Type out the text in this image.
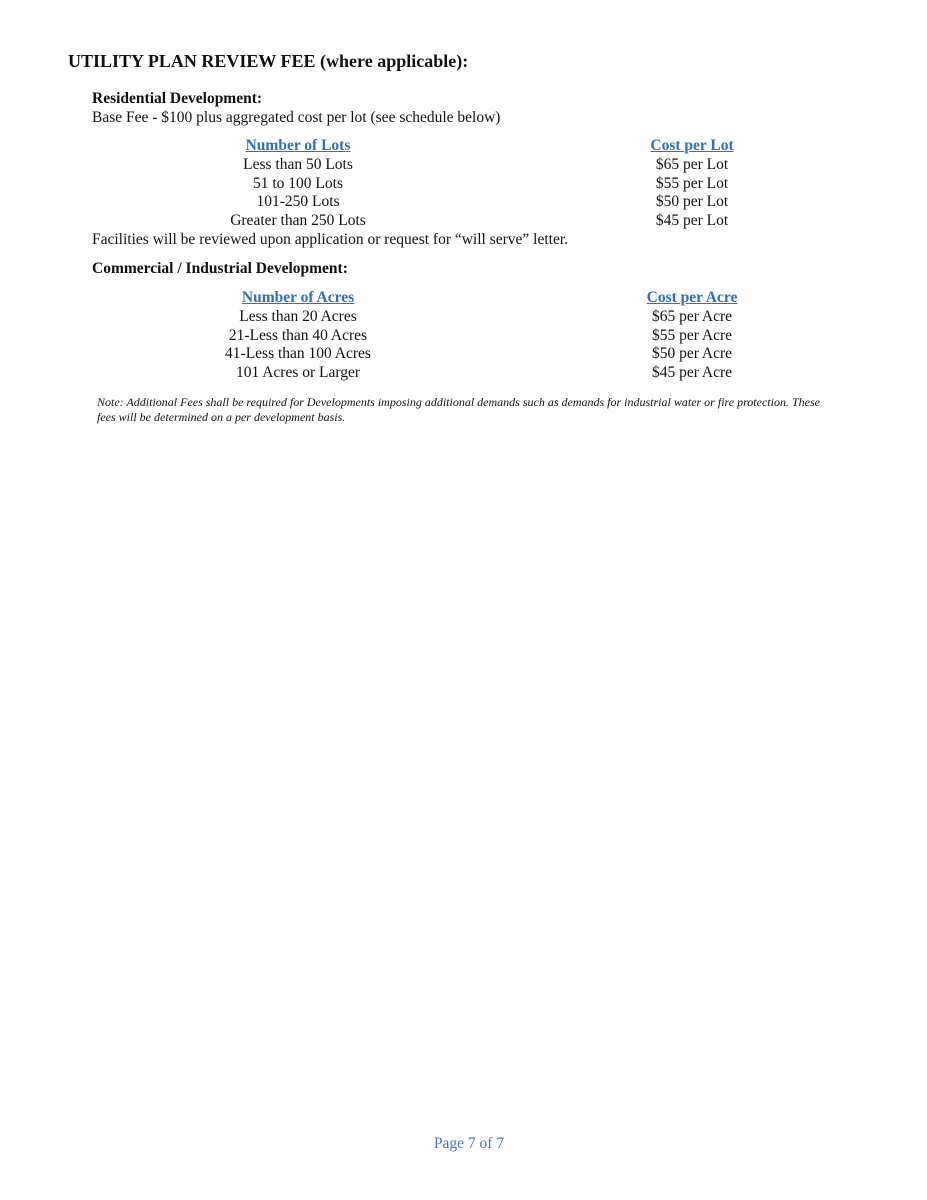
UTILITY PLAN REVIEW FEE (where applicable):
Residential Development:
Base Fee - $100 plus aggregated cost per lot (see schedule below)
Number of Lots	Cost per Lot
Less than 50 Lots	$65 per Lot
51 to 100 Lots	$55 per Lot
101-250 Lots	$50 per Lot
Greater than 250 Lots	$45 per Lot
Facilities will be reviewed upon application or request for “will serve” letter.
Commercial / Industrial Development:
Number of Acres	Cost per Acre
Less than 20 Acres	$65 per Acre
21-Less than 40 Acres	$55 per Acre
41-Less than 100 Acres	$50 per Acre
101 Acres or Larger	$45 per Acre
Note: Additional Fees shall be required for Developments imposing additional demands such as demands for industrial water or fire protection. These fees will be determined on a per development basis.
Page 7 of 7
